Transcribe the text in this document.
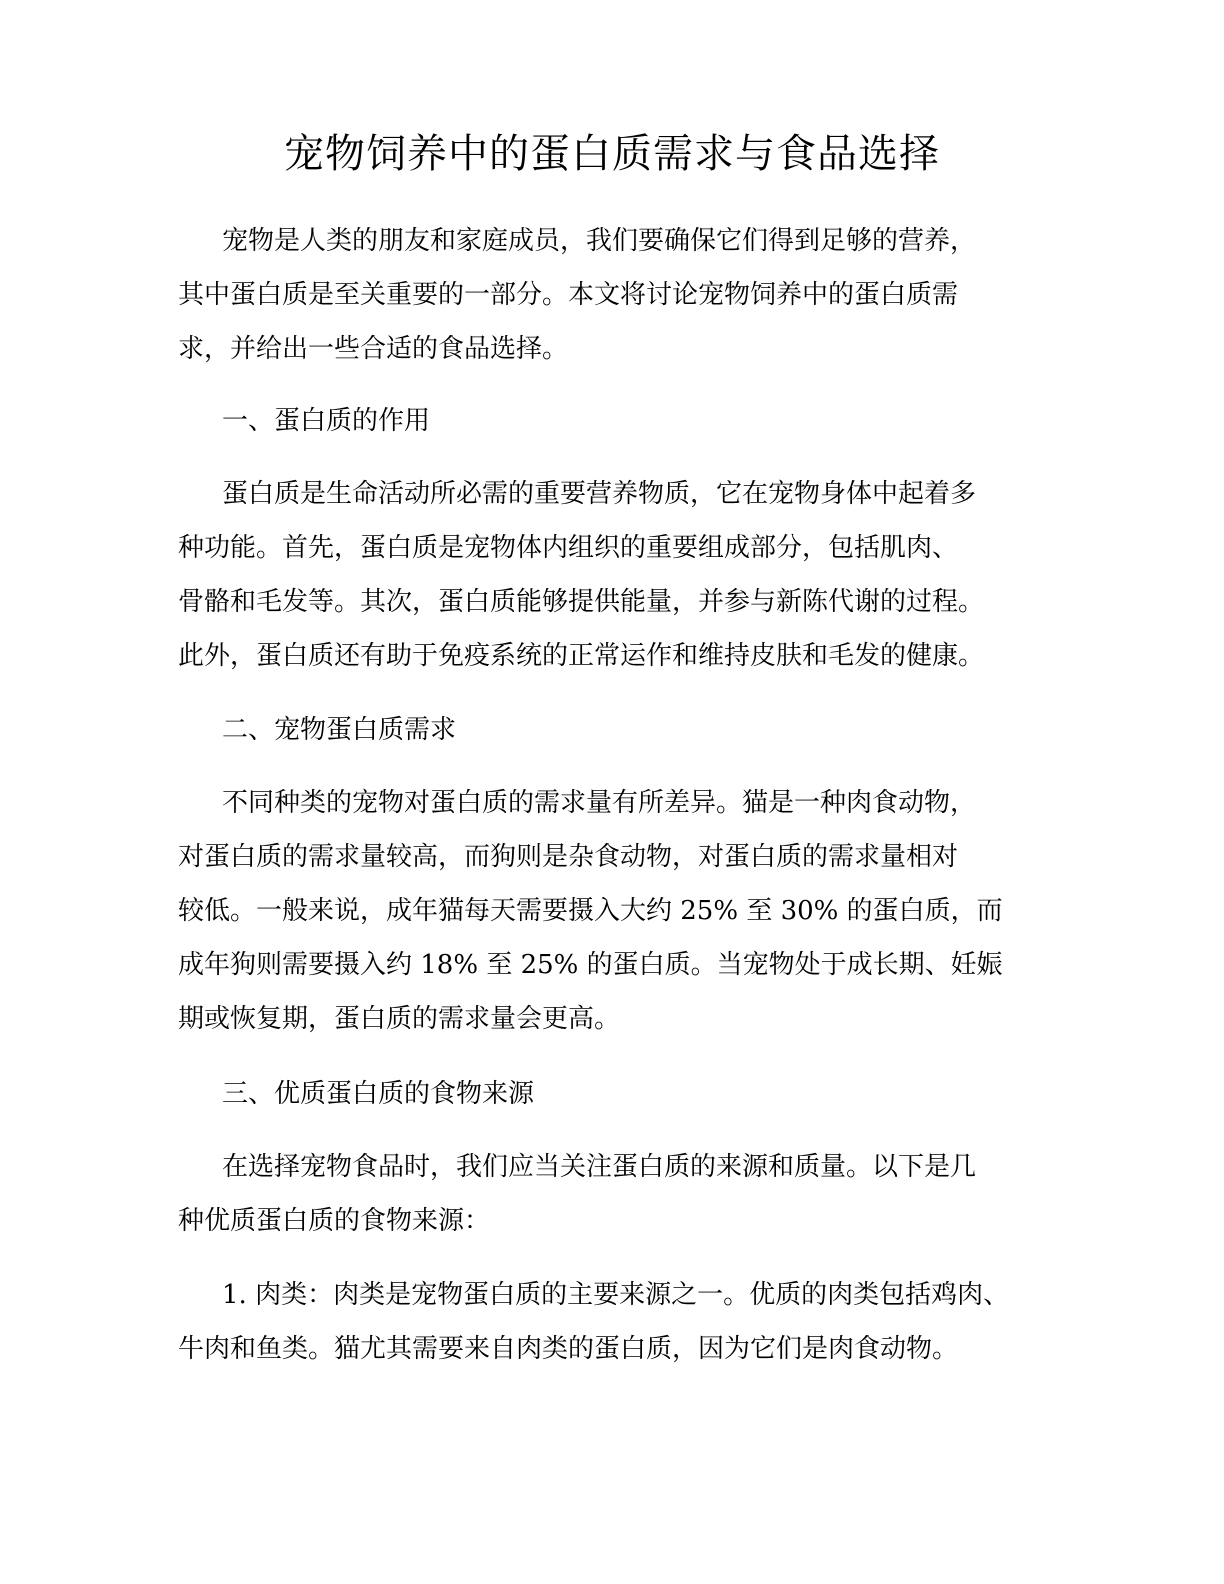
宠物饲养中的蛋白质需求与食品选择

宠物是人类的朋友和家庭成员，我们要确保它们得到足够的营养，
其中蛋白质是至关重要的一部分。本文将讨论宠物饲养中的蛋白质需
求，并给出一些合适的食品选择。

一、蛋白质的作用

蛋白质是生命活动所必需的重要营养物质，它在宠物身体中起着多
种功能。首先，蛋白质是宠物体内组织的重要组成部分，包括肌肉、
骨骼和毛发等。其次，蛋白质能够提供能量，并参与新陈代谢的过程。
此外，蛋白质还有助于免疫系统的正常运作和维持皮肤和毛发的健康。

二、宠物蛋白质需求

不同种类的宠物对蛋白质的需求量有所差异。猫是一种肉食动物，
对蛋白质的需求量较高，而狗则是杂食动物，对蛋白质的需求量相对
较低。一般来说，成年猫每天需要摄入大约 25% 至 30% 的蛋白质，而
成年狗则需要摄入约 18% 至 25% 的蛋白质。当宠物处于成长期、妊娠
期或恢复期，蛋白质的需求量会更高。

三、优质蛋白质的食物来源

在选择宠物食品时，我们应当关注蛋白质的来源和质量。以下是几
种优质蛋白质的食物来源：

1. 肉类：肉类是宠物蛋白质的主要来源之一。优质的肉类包括鸡肉、
牛肉和鱼类。猫尤其需要来自肉类的蛋白质，因为它们是肉食动物。
